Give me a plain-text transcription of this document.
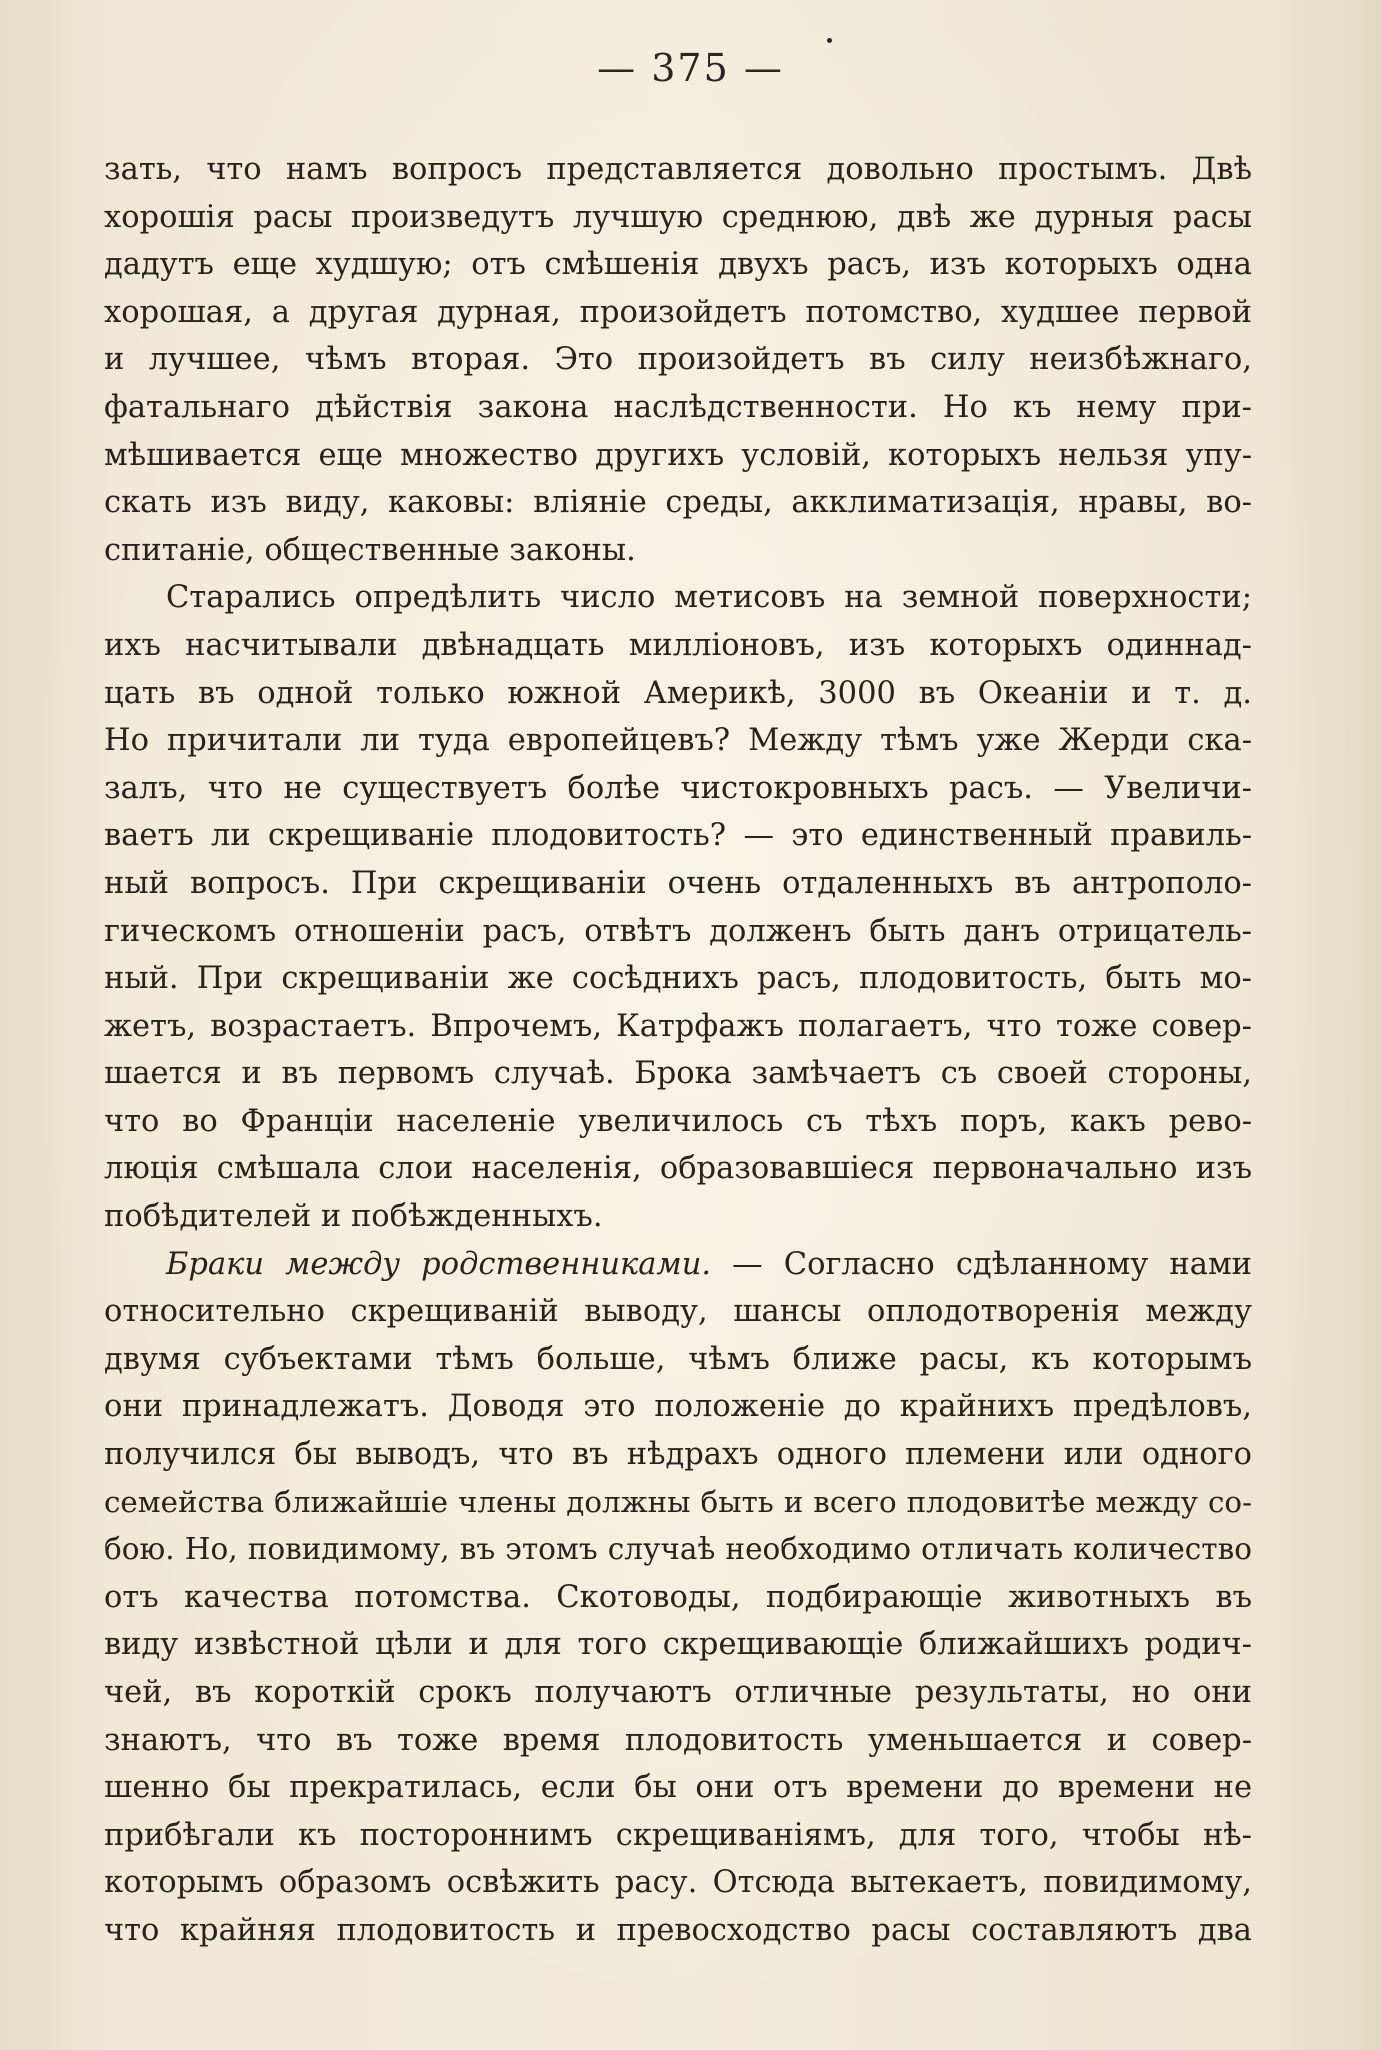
— 375 —
зать, что намъ вопросъ представляется довольно простымъ. Двѣ
хорошія расы произведутъ лучшую среднюю, двѣ же дурныя расы
дадутъ еще худшую; отъ смѣшенія двухъ расъ, изъ которыхъ одна
хорошая, а другая дурная, произойдетъ потомство, худшее первой
и лучшее, чѣмъ вторая. Это произойдетъ въ силу неизбѣжнаго,
фатальнаго дѣйствія закона наслѣдственности. Но къ нему при-
мѣшивается еще множество другихъ условій, которыхъ нельзя упу-
скать изъ виду, каковы: вліяніе среды, акклиматизація, нравы, во-
спитаніе, общественные законы.
Старались опредѣлить число метисовъ на земной поверхности;
ихъ насчитывали двѣнадцать милліоновъ, изъ которыхъ одиннад-
цать въ одной только южной Америкѣ, 3000 въ Океаніи и т. д.
Но причитали ли туда европейцевъ? Между тѣмъ уже Жерди ска-
залъ, что не существуетъ болѣе чистокровныхъ расъ. — Увеличи-
ваетъ ли скрещиваніе плодовитость? — это единственный правиль-
ный вопросъ. При скрещиваніи очень отдаленныхъ въ антрополо-
гическомъ отношеніи расъ, отвѣтъ долженъ быть данъ отрицатель-
ный. При скрещиваніи же сосѣднихъ расъ, плодовитость, быть мо-
жетъ, возрастаетъ. Впрочемъ, Катрфажъ полагаетъ, что тоже совер-
шается и въ первомъ случаѣ. Брока замѣчаетъ съ своей стороны,
что во Франціи населеніе увеличилось съ тѣхъ поръ, какъ рево-
люція смѣшала слои населенія, образовавшіеся первоначально изъ
побѣдителей и побѣжденныхъ.
Браки между родственниками. — Согласно сдѣланному нами
относительно скрещиваній выводу, шансы оплодотворенія между
двумя субъектами тѣмъ больше, чѣмъ ближе расы, къ которымъ
они принадлежатъ. Доводя это положеніе до крайнихъ предѣловъ,
получился бы выводъ, что въ нѣдрахъ одного племени или одного
семейства ближайшіе члены должны быть и всего плодовитѣе между со-
бою. Но, повидимому, въ этомъ случаѣ необходимо отличать количество
отъ качества потомства. Скотоводы, подбирающіе животныхъ въ
виду извѣстной цѣли и для того скрещивающіе ближайшихъ родич-
чей, въ короткій срокъ получаютъ отличные результаты, но они
знаютъ, что въ тоже время плодовитость уменьшается и совер-
шенно бы прекратилась, если бы они отъ времени до времени не
прибѣгали къ постороннимъ скрещиваніямъ, для того, чтобы нѣ-
которымъ образомъ освѣжить расу. Отсюда вытекаетъ, повидимому,
что крайняя плодовитость и превосходство расы составляютъ два
